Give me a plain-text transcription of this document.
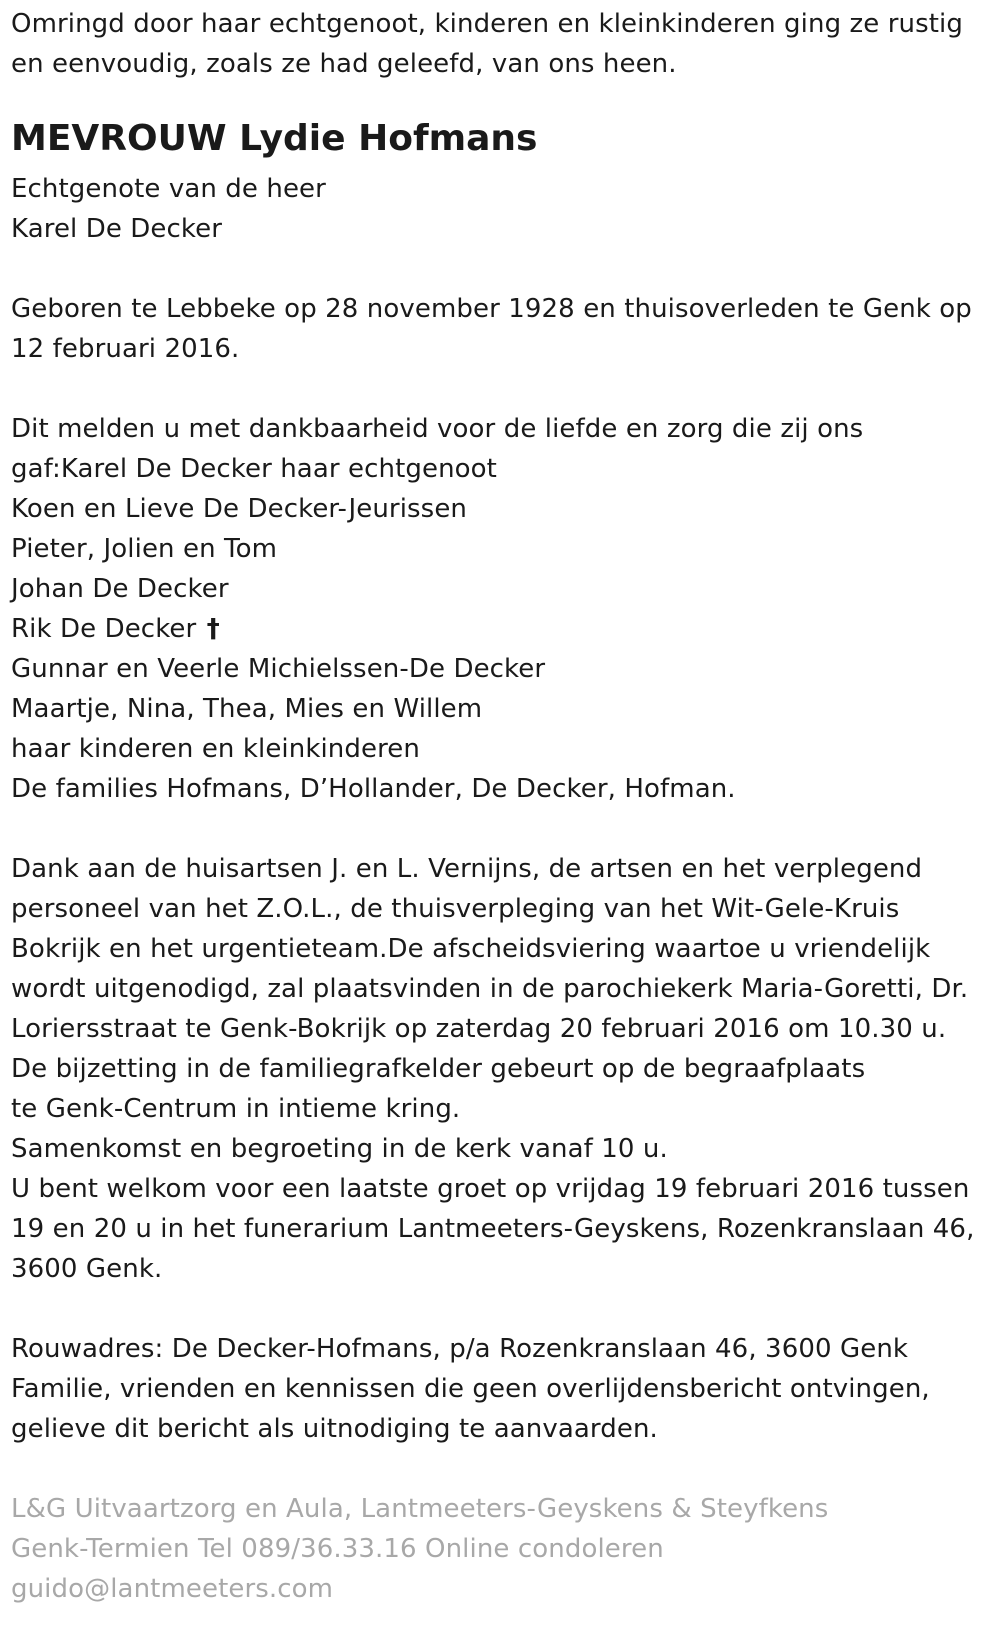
Omringd door haar echtgenoot, kinderen en kleinkinderen ging ze rustig
en eenvoudig, zoals ze had geleefd, van ons heen.
MEVROUW Lydie Hofmans
Echtgenote van de heer
Karel De Decker
Geboren te Lebbeke op 28 november 1928 en thuisoverleden te Genk op
12 februari 2016.
Dit melden u met dankbaarheid voor de liefde en zorg die zij ons
gaf:Karel De Decker haar echtgenoot
Koen en Lieve De Decker-Jeurissen
Pieter, Jolien en Tom
Johan De Decker
Rik De Decker †
Gunnar en Veerle Michielssen-De Decker
Maartje, Nina, Thea, Mies en Willem
haar kinderen en kleinkinderen
De families Hofmans, D’Hollander, De Decker, Hofman.
Dank aan de huisartsen J. en L. Vernijns, de artsen en het verplegend
personeel van het Z.O.L., de thuisverpleging van het Wit-Gele-Kruis
Bokrijk en het urgentieteam.De afscheidsviering waartoe u vriendelijk
wordt uitgenodigd, zal plaatsvinden in de parochiekerk Maria-Goretti, Dr.
Loriersstraat te Genk-Bokrijk op zaterdag 20 februari 2016 om 10.30 u.
De bijzetting in de familiegrafkelder gebeurt op de begraafplaats
te Genk-Centrum in intieme kring.
Samenkomst en begroeting in de kerk vanaf 10 u.
U bent welkom voor een laatste groet op vrijdag 19 februari 2016 tussen
19 en 20 u in het funerarium Lantmeeters-Geyskens, Rozenkranslaan 46,
3600 Genk.
Rouwadres: De Decker-Hofmans, p/a Rozenkranslaan 46, 3600 Genk
Familie, vrienden en kennissen die geen overlijdensbericht ontvingen,
gelieve dit bericht als uitnodiging te aanvaarden.
L&G Uitvaartzorg en Aula, Lantmeeters-Geyskens & Steyfkens
Genk-Termien Tel 089/36.33.16 Online condoleren
guido@lantmeeters.com
